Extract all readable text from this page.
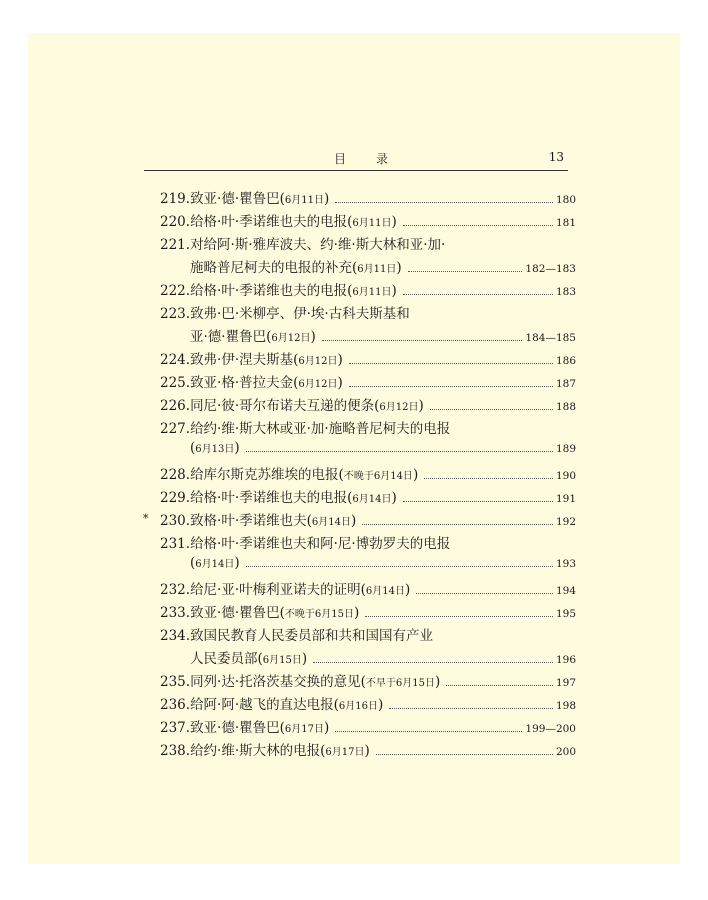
目录	13
219. 致亚·德·瞿鲁巴( 6月11日 )	180
220. 给格·叶·季诺维也夫的电报( 6月11日 )	181
221. 对给阿·斯·雅库波夫、约·维·斯大林和亚·加·
施略普尼柯夫的电报的补充( 6月11日 )	182—183
222. 给格·叶·季诺维也夫的电报( 6月11日 )	183
223. 致弗·巴·米柳亭、伊·埃·古科夫斯基和
亚·德·瞿鲁巴( 6月12日 )	184—185
224. 致弗·伊·涅夫斯基( 6月12日 )	186
225. 致亚·格·普拉夫金( 6月12日 )	187
226. 同尼·彼·哥尔布诺夫互递的便条( 6月12日 )	188
227. 给约·维·斯大林或亚·加·施略普尼柯夫的电报
( 6月13日 )	189
228. 给库尔斯克苏维埃的电报( 不晚于6月14日 )	190
229. 给格·叶·季诺维也夫的电报( 6月14日 )	191
* 230. 致格·叶·季诺维也夫( 6月14日 )	192
231. 给格·叶·季诺维也夫和阿·尼·博勃罗夫的电报
( 6月14日 )	193
232. 给尼·亚·叶梅利亚诺夫的证明( 6月14日 )	194
233. 致亚·德·瞿鲁巴( 不晚于6月15日 )	195
234. 致国民教育人民委员部和共和国国有产业
人民委员部( 6月15日 )	196
235. 同列·达·托洛茨基交换的意见( 不早于6月15日 )	197
236. 给阿·阿·越飞的直达电报( 6月16日 )	198
237. 致亚·德·瞿鲁巴( 6月17日 )	199—200
238. 给约·维·斯大林的电报( 6月17日 )	200
